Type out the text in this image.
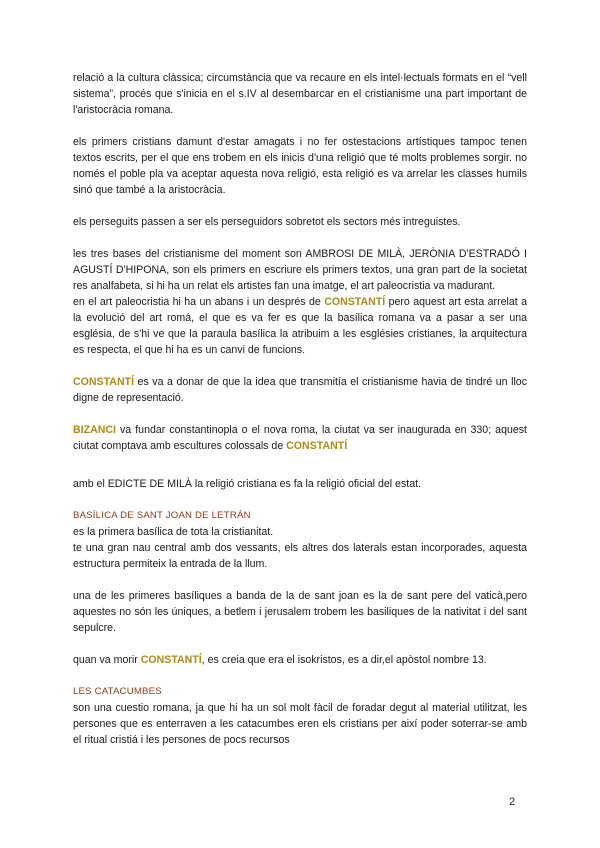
relació a la cultura clàssica; circumstància que va recaure en els intel·lectuals formats en el “vell sistema”, procés que s'inicia en el s.IV al desembarcar en el cristianisme una part important de l'aristocràcia romana.

els primers cristians damunt d'estar amagats i no fer ostestacions artístiques tampoc tenen textos escrits, per el que ens trobem en els inicis d'una religió que té molts problemes sorgir. no només el poble pla va aceptar aquesta nova religió, esta religió es va arrelar les classes humils sinó que també a la aristocràcia.

els perseguits passen a ser els perseguidors sobretot els sectors més intreguistes.

les tres bases del cristianisme del moment son AMBROSI DE MILÀ, JERÒNIA D'ESTRADÓ I AGUSTÍ D'HIPONA, son els primers en escriure els primers textos, una gran part de la societat res analfabeta, si hi ha un relat els artistes fan una imatge, el art paleocristia va madurant.

en el art paleocristia hi ha un abans i un després de CONSTANTÍ pero aquest art esta arrelat a la evolució del art romá, el que es va fer es que la basílica romana va a pasar a ser una església, de s'hi ve que la paraula basílica la atribuim a les esglésies cristianes, la arquitectura es respecta, el que hi ha es un canvi de funcions.

CONSTANTÍ es va a donar de que la idea que transmitía el cristianisme havia de tindré un lloc digne de representació.

BIZANCI va fundar constantinopla o el nova roma, la ciutat va ser inaugurada en 330; aquest ciutat comptava amb escultures colossals de CONSTANTÍ

amb el EDICTE DE MILÀ la religió cristiana es fa la religió oficial del estat.

BASÍLICA DE SANT JOAN DE LETRÁN

es la primera basílica de tota la cristianitat.

te una gran nau central amb dos vessants, els altres dos laterals estan incorporades, aquesta estructura permiteix la entrada de la llum.

una de les primeres basíliques a banda de la de sant joan es la de sant pere del vaticà,pero aquestes no són les úniques, a betlem i jerusalem trobem les basiliques de la nativitat i del sant sepulcre.

quan va morir CONSTANTÍ, es creia que era el isokristos, es a dir,el apòstol nombre 13.

LES CATACUMBES

son una cuestio romana, ja que hi ha un sol molt fàcil de foradar degut al material utilitzat, les persones que es enterraven a les catacumbes eren els cristians per així poder soterrar-se amb el ritual cristiá i les persones de pocs recursos

2
